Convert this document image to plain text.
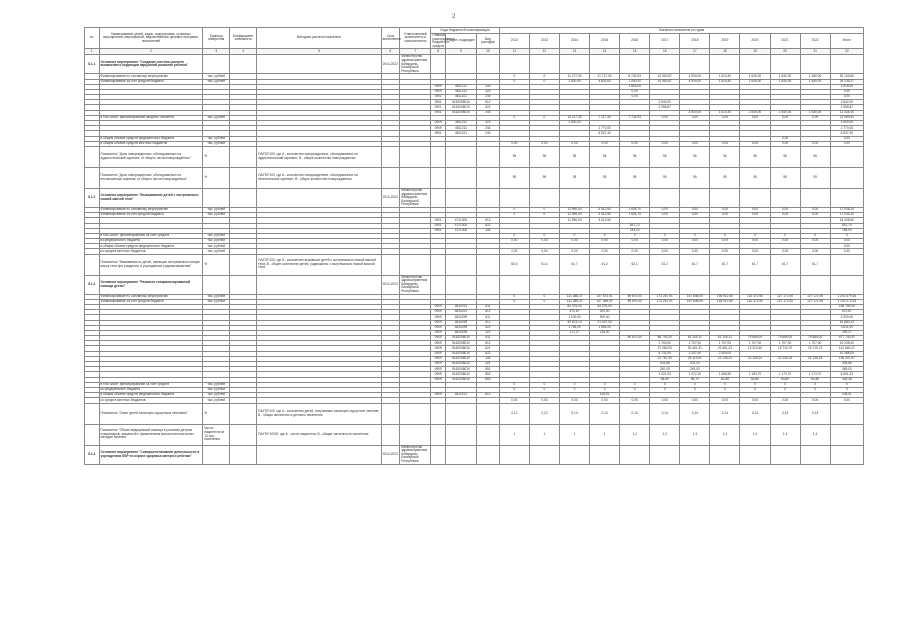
2
№	Наименование целей, задач, подпрограмм, основных мероприятий, мероприятий, ведомственных целевых программ, показателей	Единица измерения	Коэффициент значимости	Методика расчета показателя	Срок выполнения	Ответственный исполнитель и соисполнитель	Коды бюджетной классификации			Значения показателя по годам											
							Главный распорядитель бюджетных средств	Раздел, подраздел	Вид расходов	2012	2013	2014	2015	2016	2017	2018	2019	2020	2021	2022	Итого
1	2	3	4	5	6	7	8	9	10	11	12	13	14	15	16	17	18	19	20	21	22
8.1.1	Основное мероприятие "Создание системы раннего выявления и коррекции нарушений развития ребенка"				2014-2022	Министерство здравоохранения Кабардино-Балкарской Республики															
	Финансирование по основному мероприятию	тыс. рублей								0	0	11 717,30	11 717,30	8 733,93	10 500,87	4 900,00	1 614,40	1 640,00	1 640,00	1 640,00	52 104,80
	Финансирование за счет средств бюджета	тыс. рублей								0	0	1 600,00	4 600,00	1 000,00	10 500,87	4 900,00	1 614,40	1 640,00	1 640,00	1 640,00	29 135,27
							0909	4811211	244					1 818,00							1 818,00
							0909	4811211	323					0,00							0,00
							0901	4811221	244					0,00							0,00
							0901	5162008010	612						2 842,00						2 842,00
							0901	5162008010	622						2 958,87						2 958,87
							0901	5162008010	244							4 900,00	1 614,40	1 640,00	1 640,00	1 640,00	11 434,40
	в том числе: финансирование сводного сегмента	тыс. рублей								0	0	10 117,30	7 117,30	7 733,93	0,00	0,00	0,00	0,00	0,00	0,00	22 969,53
							0909	4811211	323			1 600,00									1 600,00
							0909	4811211	244				1 770,00								1 770,00
							0901	4811221	244				6 837,40								6 837,40
	в общем объеме средств федерального бюджета	тыс. рублей																	0,00		0,00
	в общем объеме средств местных бюджетов	тыс. рублей								0,00	0,00	0,00	0,00	0,00	0,00	0,00	0,00	0,00	0,00	0,00	0,00
	Показатель "Доля новорожденных, обследованных на аудиологический скрининг, от общего числа новорожденных"	%		ПА/ПО*100, где А - количество новорожденных, обследованных на аудиологический скрининг; В - общее количество новорожденных						95	95	95	96	96	96	96	96	96	96	96	
	Показатель "Доля новорожденных, обследованных на неонатальный скрининг, от общего числа новорожденных"	%		ПА/ПО*100, где А - количество новорожденных, обследованных на неонатальный скрининг; В - общее количество новорожденных						95	95	95	95	95	95	95	95	95	95	95	
8.1.2	Основное мероприятие "Выхаживание детей с экстремально низкой массой тела"				2014-2022	Министерство здравоохранения Кабардино-Балкарской Республики															
	Финансирование по основному мероприятию	тыс. рублей								0	0	11 996,00	3 412,50	1 626,70	0,00	0,00	0,00	0,00	0,00	0,00	17 035,20
	Финансирование за счет средств бюджета	тыс. рублей								0	0	11 996,00	3 412,50	1 626,70	0,00	0,00	0,00	0,00	0,00	0,00	17 035,20
							0901	4721300	612			11 996,00	3 412,50								15 408,50
							0901	4721300	622					841,70							841,70
							0901	4721300	244					785,00							785,00
	в том числе: финансирование за счет средств	тыс. рублей								0	0	0	0	0	0	0	0	0	0	0	0
	из федерального бюджета	тыс. рублей								0,00	0,00	0,00	0,00	0,00	0,00	0,00	0,00	0,00	0,00	0,00	0,00
	в общем объеме средств федерального бюджета	тыс. рублей																			0,00
	из средств местных бюджетов	тыс. рублей								0,00	0,00	0,00	0,00	0,00	0,00	0,00	0,00	0,00	0,00	0,00	0,00
	Показатель "Выживаемость детей, имеющих экстремально низкую массу тела при рождении, в учреждениях родовспоможения"	%		ПА/ПО*100, где А - количество выживших детей с экстремально низкой массой тела; В - общее количество детей, родившихся с экстремально низкой массой тела						60,5	61,4	61,7	61,2	62,1	61,2	61,7	61,7	61,7	61,7	61,7	
8.1.3	Основное мероприятие "Развитие специализированной помощи детям"				2014-2022	Министерство здравоохранения Кабардино-Балкарской Республики															
	Финансирование по основному мероприятию	тыс. рублей								0	0	131 388,37	107 573,91	89 670,00	173 267,91	167 848,05	155 912,60	120 372,90	127 172,90	127 172,90	1 200 379,54
	Финансирование за счет средств бюджета	тыс. рублей								0	0	131 388,37	107 465,00	89 670,00	173 267,91	167 848,05	155 912,60	120 372,90	127 172,90	127 172,90	1 200 270,63
							0909	4810221	611			84 375,00	84 375,00								168 750,00
							0909	4810221	612			470,87	200,00								670,87
							0909	4810299	611			1 100,00	900,00								2 000,00
							0909	4810299	612			40 873,13	21 007,00								61 880,13
							0909	4810299	622			1 756,00	1 855,00								3 611,00
							0909	4810299	321			171,27	128,00								299,27
							0909	5162008010	611					89 670,00	86 793,20	81 105,11	81 105,11	79 689,00	79 689,00	79 689,00	577 740,42
							0909	5162008010	612						1 700,00	1 707,00	1 707,00	1 707,00	1 707,00	1 707,00	10 235,00
							0909	5162008010	621						37 083,93	30 461,31	29 361,23	13 322,60	15 715,70	15 715,70	141 660,47
							0909	5162008010	622						5 731,00	2 257,00	2 400,00				10 388,00
							0909	5162008010	244						22 787,00	25 119,91	22 135,24	22 135,24	22 135,24	22 135,24	136 447,87
							0909	5162008010	321						204,68	201,20					405,88
							0909	5162008010	851						240,00	249,00					489,00
							0909	5162008010	852						1 021,53	1 072,10	1 066,50	1 183,70	1 173,70	1 173,70	6 691,23
							0909	5162008010	853						64,80	86,70	63,48	64,80	64,80	64,80	409,38
	в том числе: финансирование за счет средств	тыс. рублей								0	0	0	0	0	0	0	0	0	0	0	0
	из федерального бюджета	тыс. рублей								0	0	0	0	0	0	0	0	0	0	0	0
	в общем объеме средств федерального бюджета	тыс. рублей					0909	4810221	612				108,91								108,91
	из средств местных бюджетов	тыс. рублей								0,00	0,00	0,00	0,00	0,00	0,00	0,00	0,00	0,00	0,00	0,00	0,00
	Показатель "Охват детей санаторно-курортным лечением"	%		ПА/ПО*100, где А - количество детей, получивших санаторно-курортное лечение; В - общая численность детского населения						0,12	0,12	0,14	0,14	0,14	0,14	0,14	0,14	0,14	0,14	0,14	
	Показатель "Объем медицинской помощи в условиях детских стационаров, оказанной с применением высокотехнологичных методов лечения"	Число пациентов на 10 тыс. населения		ПА/ПО*10000, где А - число пациентов; В - общая численность населения						1	1	1	1	1,2	1,3	1,3	1,4	1,4	1,4	1,4	
8.1.4	Основное мероприятие "Совершенствование деятельности в учреждениях КБР по охране здоровья матери и ребенка"				2014-2022	Министерство здравоохранения Кабардино-Балкарской Республики															
